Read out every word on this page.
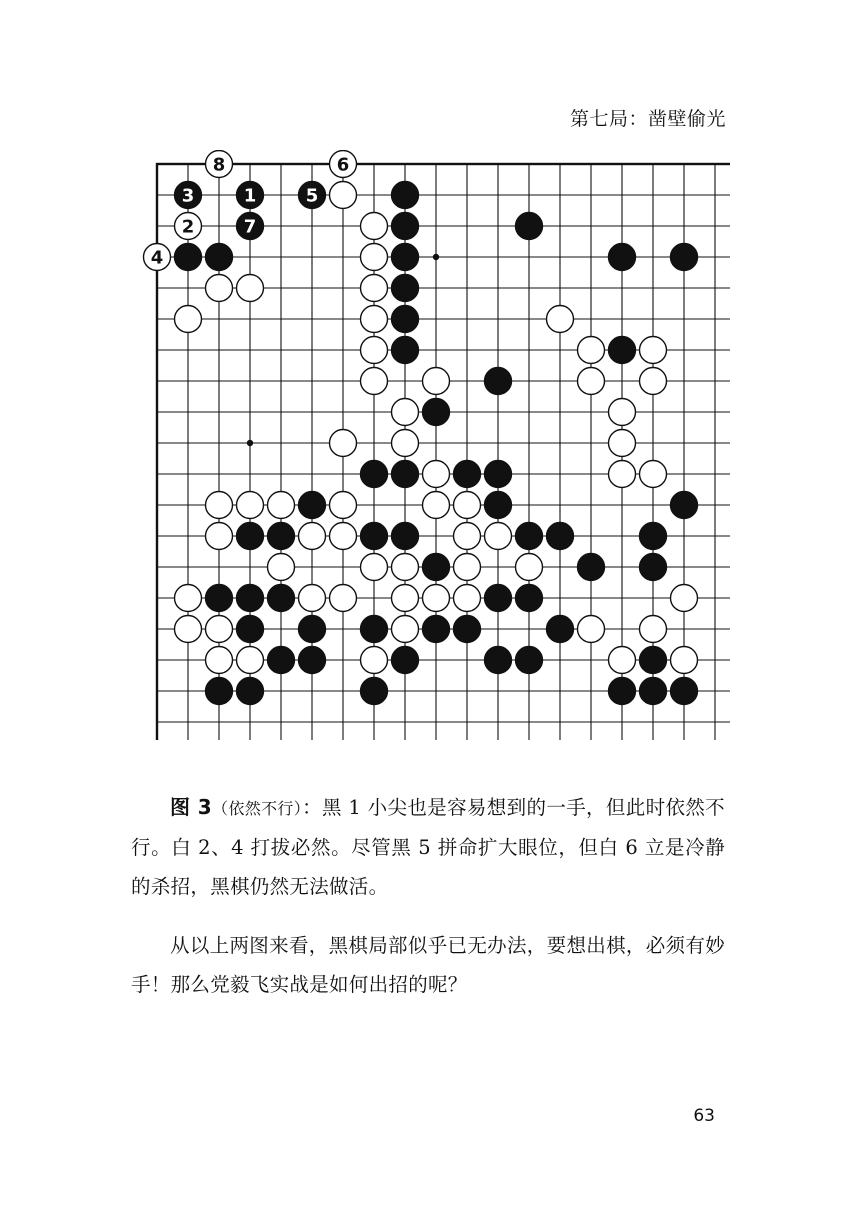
第七局：凿壁偷光
1
2
3
4
5
6
7
8

图 3（依然不行）：黑 1 小尖也是容易想到的一手，但此时依然不行。白 2、4 打拔必然。尽管黑 5 拼命扩大眼位，但白 6 立是冷静的杀招，黑棋仍然无法做活。

从以上两图来看，黑棋局部似乎已无办法，要想出棋，必须有妙手！那么党毅飞实战是如何出招的呢？

63
